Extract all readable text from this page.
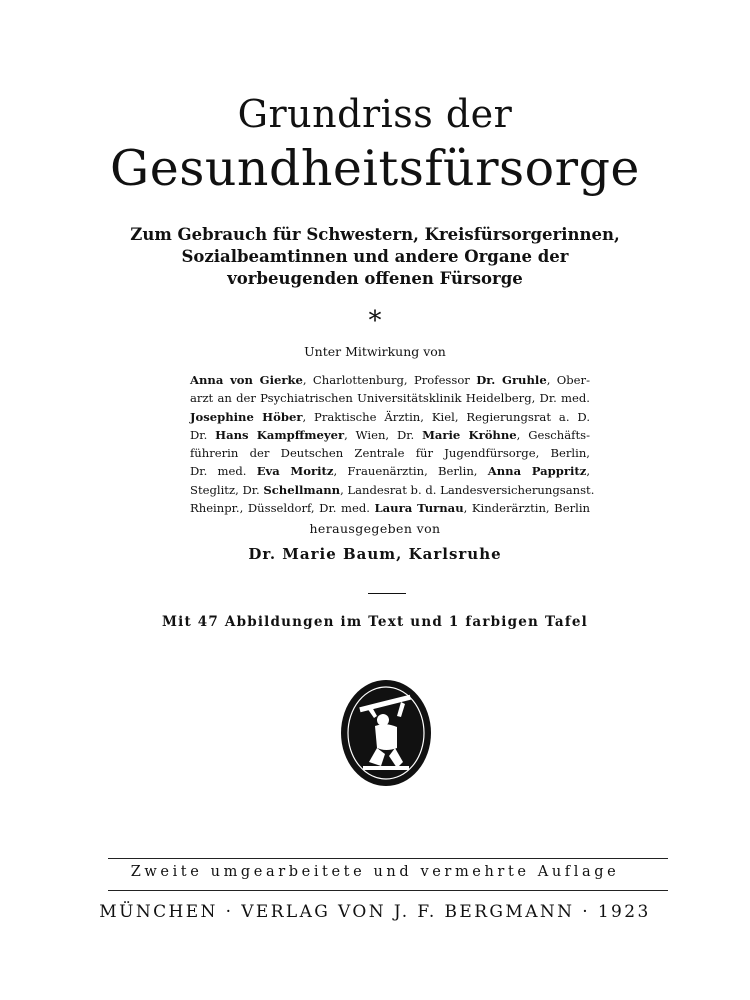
Grundriss der
Gesundheitsfürsorge
Zum Gebrauch für Schwestern, Kreisfürsorgerinnen,
Sozialbeamtinnen und andere Organe der
vorbeugenden offenen Fürsorge
*
Unter Mitwirkung von
Anna von Gierke, Charlottenburg, Professor Dr. Gruhle, Ober-
arzt an der Psychiatrischen Universitätsklinik Heidelberg, Dr. med.
Josephine Höber, Praktische Ärztin, Kiel, Regierungsrat a. D.
Dr. Hans Kampffmeyer, Wien, Dr. Marie Kröhne, Geschäfts-
führerin der Deutschen Zentrale für Jugendfürsorge, Berlin,
Dr. med. Eva Moritz, Frauenärztin, Berlin, Anna Pappritz,
Steglitz, Dr. Schellmann, Landesrat b. d. Landesversicherungsanst.
Rheinpr., Düsseldorf, Dr. med. Laura Turnau, Kinderärztin, Berlin
herausgegeben von
Dr. Marie Baum, Karlsruhe
Mit 47 Abbildungen im Text und 1 farbigen Tafel
Zweite umgearbeitete und vermehrte Auflage
MÜNCHEN · VERLAG VON J. F. BERGMANN · 1923
